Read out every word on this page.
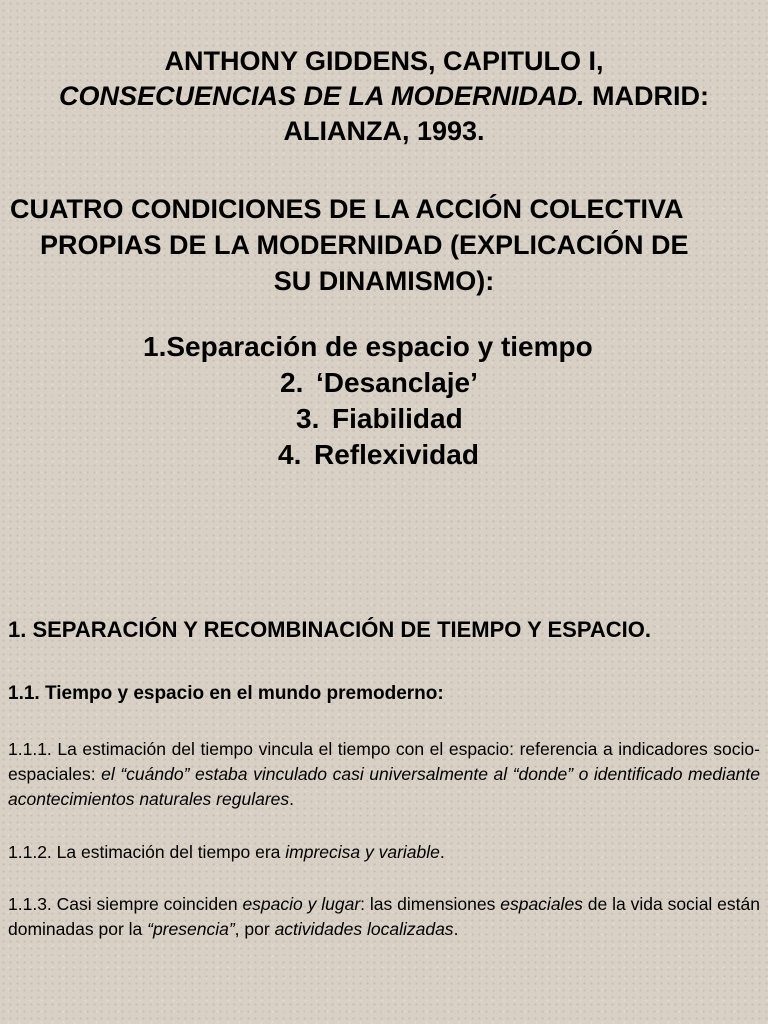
ANTHONY GIDDENS, CAPITULO I,

CONSECUENCIAS DE LA MODERNIDAD. MADRID:

ALIANZA, 1993.

CUATRO CONDICIONES DE LA ACCIÓN COLECTIVA

PROPIAS DE LA MODERNIDAD (EXPLICACIÓN DE

SU DINAMISMO):

1.Separación de espacio y tiempo
2. ‘Desanclaje’
3. Fiabilidad
4. Reflexividad
1. SEPARACIÓN Y RECOMBINACIÓN DE TIEMPO Y ESPACIO.
1.1. Tiempo y espacio en el mundo premoderno:

1.1.1. La estimación del tiempo vincula el tiempo con el espacio: referencia a indicadores socio-espaciales: el “cuándo” estaba vinculado casi universalmente al “donde” o identificado mediante acontecimientos naturales regulares.

1.1.2. La estimación del tiempo era imprecisa y variable.

1.1.3. Casi siempre coinciden espacio y lugar: las dimensiones espaciales de la vida social están dominadas por la “presencia”, por actividades localizadas.
